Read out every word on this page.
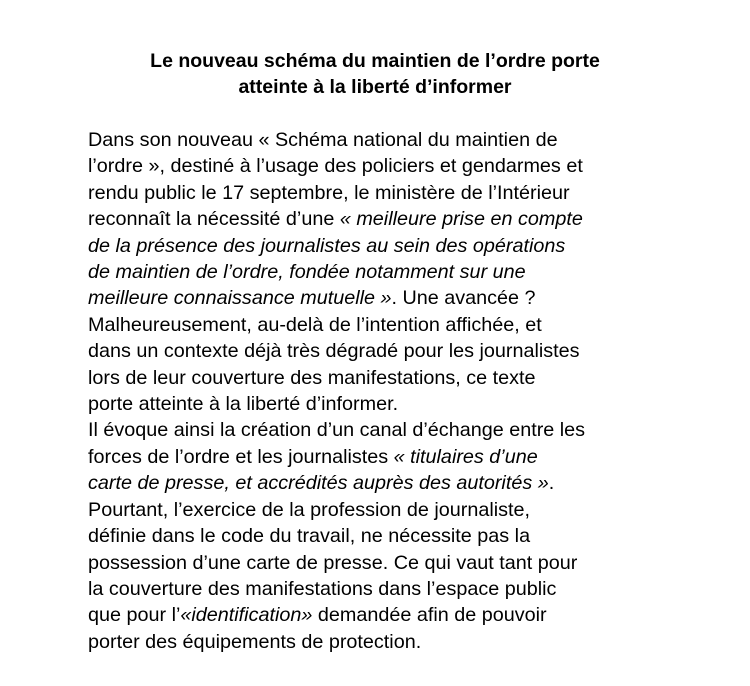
Le nouveau schéma du maintien de l’ordre porte
atteinte à la liberté d’informer
Dans son nouveau « Schéma national du maintien de
l’ordre », destiné à l’usage des policiers et gendarmes et
rendu public le 17 septembre, le ministère de l’Intérieur
reconnaît la nécessité d’une « meilleure prise en compte
de la présence des journalistes au sein des opérations
de maintien de l’ordre, fondée notamment sur une
meilleure connaissance mutuelle ». Une avancée ?
Malheureusement, au-delà de l’intention affichée, et
dans un contexte déjà très dégradé pour les journalistes
lors de leur couverture des manifestations, ce texte
porte atteinte à la liberté d’informer.
Il évoque ainsi la création d’un canal d’échange entre les
forces de l’ordre et les journalistes « titulaires d’une
carte de presse, et accrédités auprès des autorités ».
Pourtant, l’exercice de la profession de journaliste,
définie dans le code du travail, ne nécessite pas la
possession d’une carte de presse. Ce qui vaut tant pour
la couverture des manifestations dans l’espace public
que pour l’«identification» demandée afin de pouvoir
porter des équipements de protection.
